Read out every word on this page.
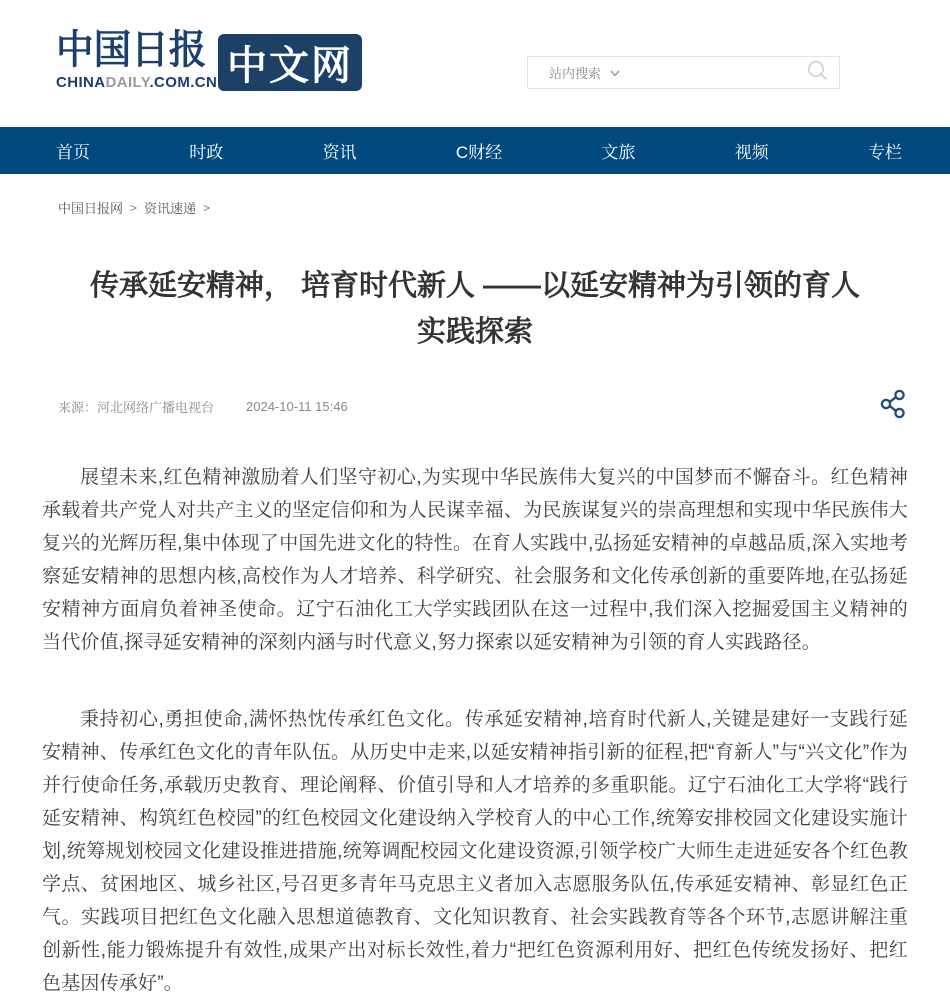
中国日报
CHINADAILY.COM.CN 中文网	站内搜索
首页	时政	资讯	C财经	文旅	视频	专栏
中国日报网 > 资讯速递 >
传承延安精神， 培育时代新人 ——以延安精神为引领的育人实践探索
来源：河北网络广播电视台 2024-10-11 15:46

展望未来,红色精神激励着人们坚守初心,为实现中华民族伟大复兴的中国梦而不懈奋斗。红色精神承载着共产党人对共产主义的坚定信仰和为人民谋幸福、为民族谋复兴的崇高理想和实现中华民族伟大复兴的光辉历程,集中体现了中国先进文化的特性。在育人实践中,弘扬延安精神的卓越品质,深入实地考察延安精神的思想内核,高校作为人才培养、科学研究、社会服务和文化传承创新的重要阵地,在弘扬延安精神方面肩负着神圣使命。辽宁石油化工大学实践团队在这一过程中,我们深入挖掘爱国主义精神的当代价值,探寻延安精神的深刻内涵与时代意义,努力探索以延安精神为引领的育人实践路径。

秉持初心,勇担使命,满怀热忱传承红色文化。传承延安精神,培育时代新人,关键是建好一支践行延安精神、传承红色文化的青年队伍。从历史中走来,以延安精神指引新的征程,把“育新人”与“兴文化”作为并行使命任务,承载历史教育、理论阐释、价值引导和人才培养的多重职能。辽宁石油化工大学将“践行延安精神、构筑红色校园”的红色校园文化建设纳入学校育人的中心工作,统筹安排校园文化建设实施计划,统筹规划校园文化建设推进措施,统筹调配校园文化建设资源,引领学校广大师生走进延安各个红色教学点、贫困地区、城乡社区,号召更多青年马克思主义者加入志愿服务队伍,传承延安精神、彰显红色正气。实践项目把红色文化融入思想道德教育、文化知识教育、社会实践教育等各个环节,志愿讲解注重创新性,能力锻炼提升有效性,成果产出对标长效性,着力“把红色资源利用好、把红色传统发扬好、把红色基因传承好”。
